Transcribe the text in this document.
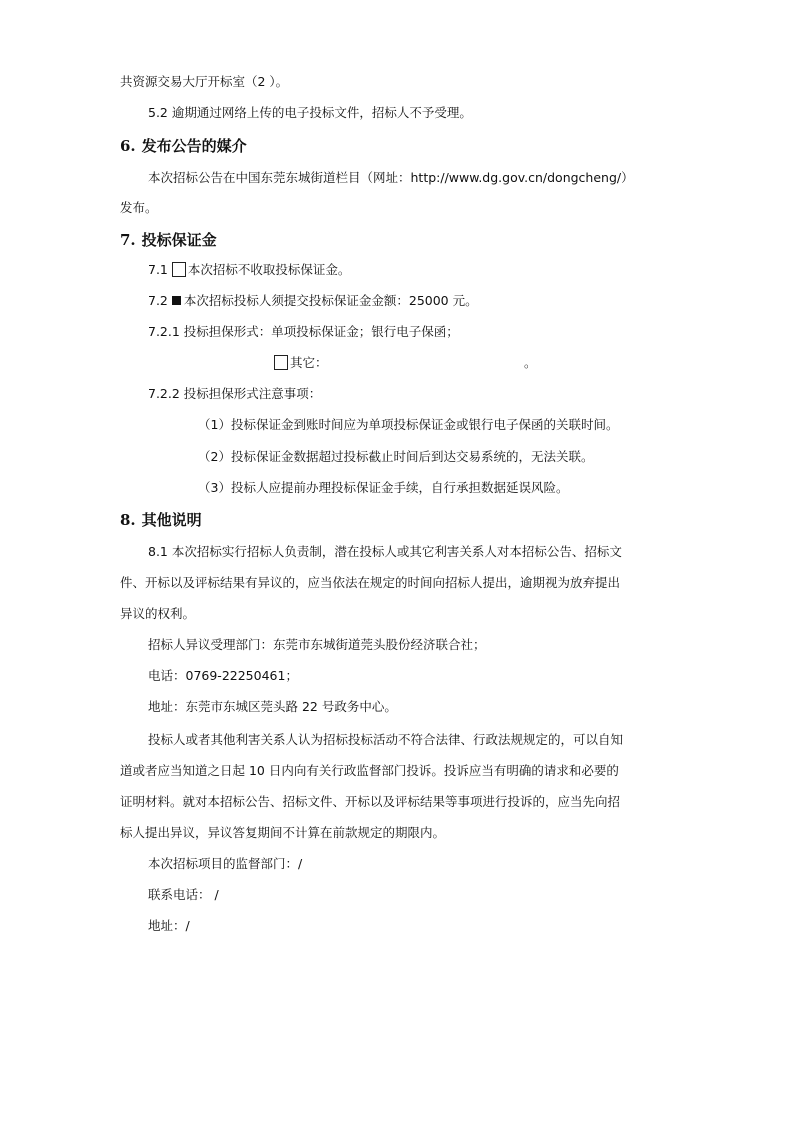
共资源交易大厅开标室（2 ）。
5.2 逾期通过网络上传的电子投标文件，招标人不予受理。
6. 发布公告的媒介
本次招标公告在中国东莞东城街道栏目（网址：http://www.dg.gov.cn/dongcheng/）
发布。
7. 投标保证金
7.1 本次招标不收取投标保证金。
7.2 本次招标投标人须提交投标保证金金额：25000 元。
7.2.1 投标担保形式：单项投标保证金；银行电子保函；
其它：	。
7.2.2 投标担保形式注意事项：
（1）投标保证金到账时间应为单项投标保证金或银行电子保函的关联时间。
（2）投标保证金数据超过投标截止时间后到达交易系统的，无法关联。
（3）投标人应提前办理投标保证金手续，自行承担数据延误风险。
8. 其他说明
8.1 本次招标实行招标人负责制，潜在投标人或其它利害关系人对本招标公告、招标文
件、开标以及评标结果有异议的，应当依法在规定的时间向招标人提出，逾期视为放弃提出
异议的权利。
招标人异议受理部门：东莞市东城街道莞头股份经济联合社；
电话：0769-22250461；
地址：东莞市东城区莞头路 22 号政务中心。
投标人或者其他利害关系人认为招标投标活动不符合法律、行政法规规定的，可以自知
道或者应当知道之日起 10 日内向有关行政监督部门投诉。投诉应当有明确的请求和必要的
证明材料。就对本招标公告、招标文件、开标以及评标结果等事项进行投诉的，应当先向招
标人提出异议，异议答复期间不计算在前款规定的期限内。
本次招标项目的监督部门：/
联系电话： /
地址：/
